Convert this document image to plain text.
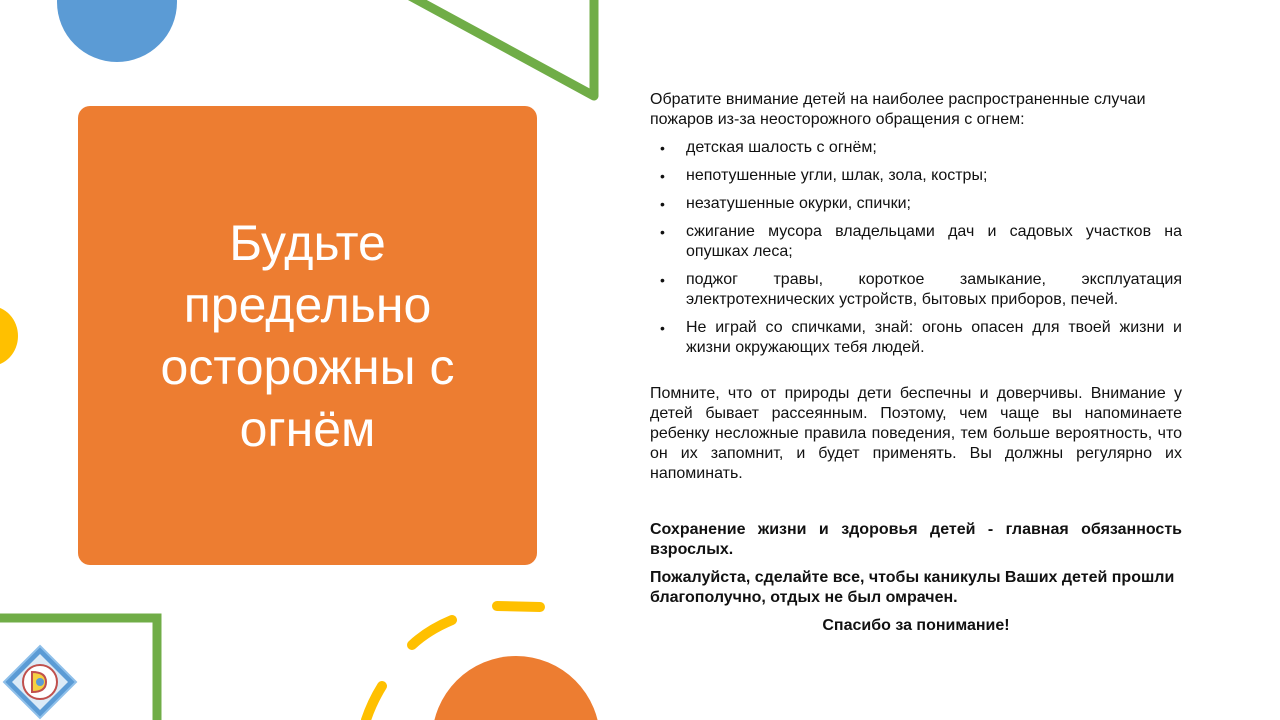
Будьте предельно осторожны с огнём

Обратите внимание детей на наиболее распространенные случаи пожаров из-за неосторожного обращения с огнем:

• детская шалость с огнём;
• непотушенные угли, шлак, зола, костры;
• незатушенные окурки, спички;
• сжигание мусора владельцами дач и садовых участков на опушках леса;
• поджог травы, короткое замыкание, эксплуатация электротехнических устройств, бытовых приборов, печей.
• Не играй со спичками, знай: огонь опасен для твоей жизни и жизни окружающих тебя людей.

Помните, что от природы дети беспечны и доверчивы. Внимание у детей бывает рассеянным. Поэтому, чем чаще вы напоминаете ребенку несложные правила поведения, тем больше вероятность, что он их запомнит, и будет применять. Вы должны регулярно их напоминать.

Сохранение жизни и здоровья детей - главная обязанность взрослых.

Пожалуйста, сделайте все, чтобы каникулы Ваших детей прошли благополучно, отдых не был омрачен.

Спасибо за понимание!
